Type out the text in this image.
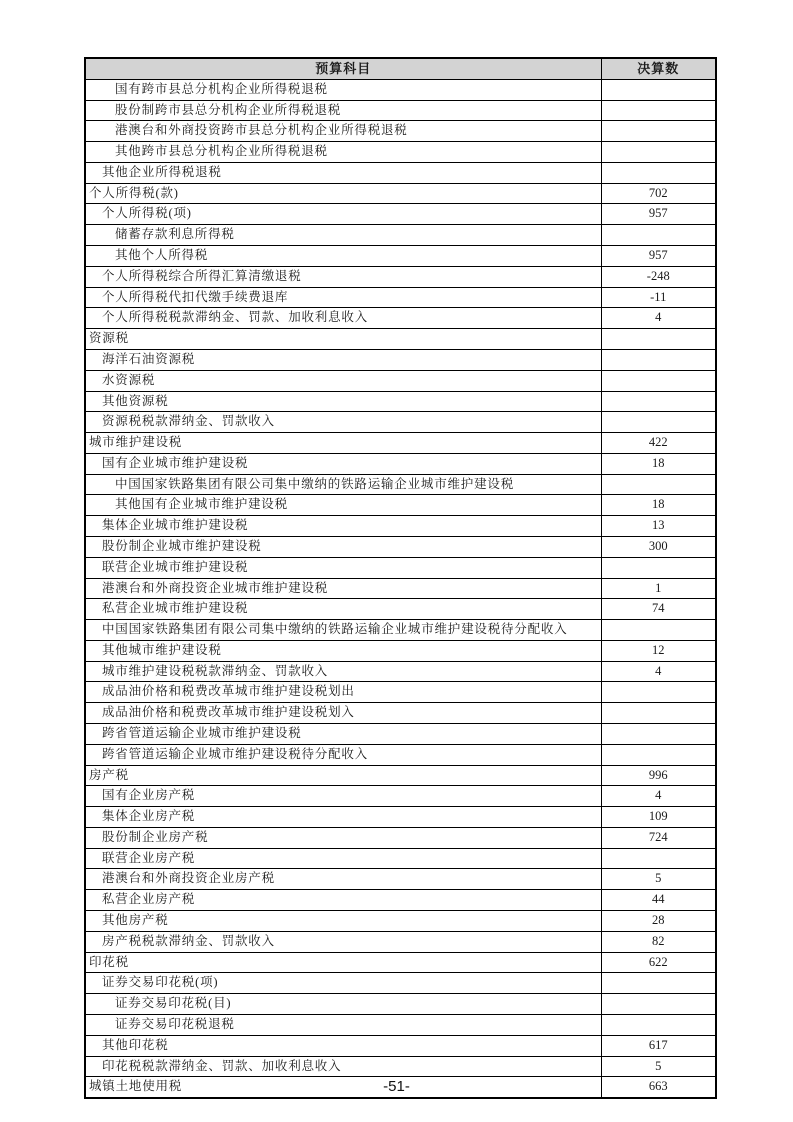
预算科目	决算数
国有跨市县总分机构企业所得税退税	
股份制跨市县总分机构企业所得税退税	
港澳台和外商投资跨市县总分机构企业所得税退税	
其他跨市县总分机构企业所得税退税	
其他企业所得税退税	
个人所得税(款)	702
个人所得税(项)	957
储蓄存款利息所得税	
其他个人所得税	957
个人所得税综合所得汇算清缴退税	-248
个人所得税代扣代缴手续费退库	-11
个人所得税税款滞纳金、罚款、加收利息收入	4
资源税	
海洋石油资源税	
水资源税	
其他资源税	
资源税税款滞纳金、罚款收入	
城市维护建设税	422
国有企业城市维护建设税	18
中国国家铁路集团有限公司集中缴纳的铁路运输企业城市维护建设税	
其他国有企业城市维护建设税	18
集体企业城市维护建设税	13
股份制企业城市维护建设税	300
联营企业城市维护建设税	
港澳台和外商投资企业城市维护建设税	1
私营企业城市维护建设税	74
中国国家铁路集团有限公司集中缴纳的铁路运输企业城市维护建设税待分配收入	
其他城市维护建设税	12
城市维护建设税税款滞纳金、罚款收入	4
成品油价格和税费改革城市维护建设税划出	
成品油价格和税费改革城市维护建设税划入	
跨省管道运输企业城市维护建设税	
跨省管道运输企业城市维护建设税待分配收入	
房产税	996
国有企业房产税	4
集体企业房产税	109
股份制企业房产税	724
联营企业房产税	
港澳台和外商投资企业房产税	5
私营企业房产税	44
其他房产税	28
房产税税款滞纳金、罚款收入	82
印花税	622
证券交易印花税(项)	
证券交易印花税(目)	
证券交易印花税退税	
其他印花税	617
印花税税款滞纳金、罚款、加收利息收入	5
城镇土地使用税	663
-51-
